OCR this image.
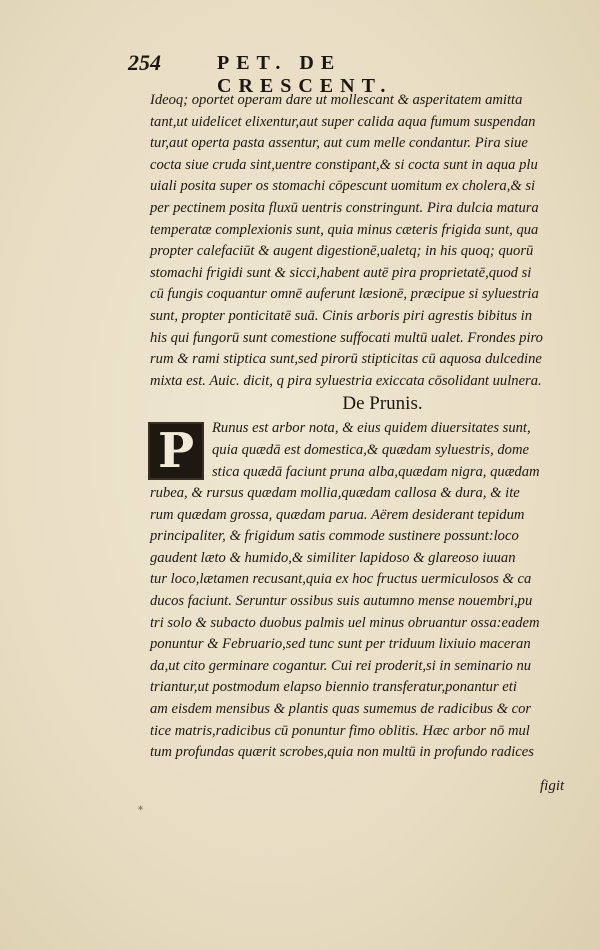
254	PET. DE CRESCENT.
Ideoq; oportet operam dare ut mollescant & asperitatem amitta
tant,ut uidelicet elixentur,aut super calida aqua fumum suspendan
tur,aut operta pasta assentur, aut cum melle condantur. Pira siue
cocta siue cruda sint,uentre constipant,& si cocta sunt in aqua plu
uiali posita super os stomachi cōpescunt uomitum ex cholera,& si
per pectinem posita fluxū uentris constringunt. Pira dulcia matura
temperatæ complexionis sunt, quia minus cæteris frigida sunt, qua
propter calefaciūt & augent digestionē,ualetq; in his quoq; quorū
stomachi frigidi sunt & sicci,habent autē pira proprietatē,quod si
cū fungis coquantur omnē auferunt læsionē, præcipue si syluestria
sunt, propter ponticitatē suā. Cinis arboris piri agrestis bibitus in
his qui fungorū sunt comestione suffocati multū ualet. Frondes piro
rum & rami stiptica sunt,sed pirorū stipticitas cū aquosa dulcedine
mixta est. Auic. dicit, q pira syluestria exiccata cōsolidant uulnera.
De Prunis.
P	Runus est arbor nota, & eius quidem diuersitates sunt,
quia quædā est domestica,& quædam syluestris, dome
stica quædā faciunt pruna alba,quædam nigra, quædam
rubea, & rursus quædam mollia,quædam callosa & dura, & ite
rum quædam grossa, quædam parua. Aërem desiderant tepidum
principaliter, & frigidum satis commode sustinere possunt:loco
gaudent læto & humido,& similiter lapidoso & glareoso iuuan
tur loco,lætamen recusant,quia ex hoc fructus uermiculosos & ca
ducos faciunt. Seruntur ossibus suis autumno mense nouembri,pu
tri solo & subacto duobus palmis uel minus obruantur ossa:eadem
ponuntur & Februario,sed tunc sunt per triduum lixiuio maceran
da,ut cito germinare cogantur. Cui rei proderit,si in seminario nu
triantur,ut postmodum elapso biennio transferatur,ponantur eti
am eisdem mensibus & plantis quas sumemus de radicibus & cor
tice matris,radicibus cū ponuntur fimo oblitis. Hæc arbor nō mul
tum profundas quærit scrobes,quia non multū in profundo radices
figit
*
